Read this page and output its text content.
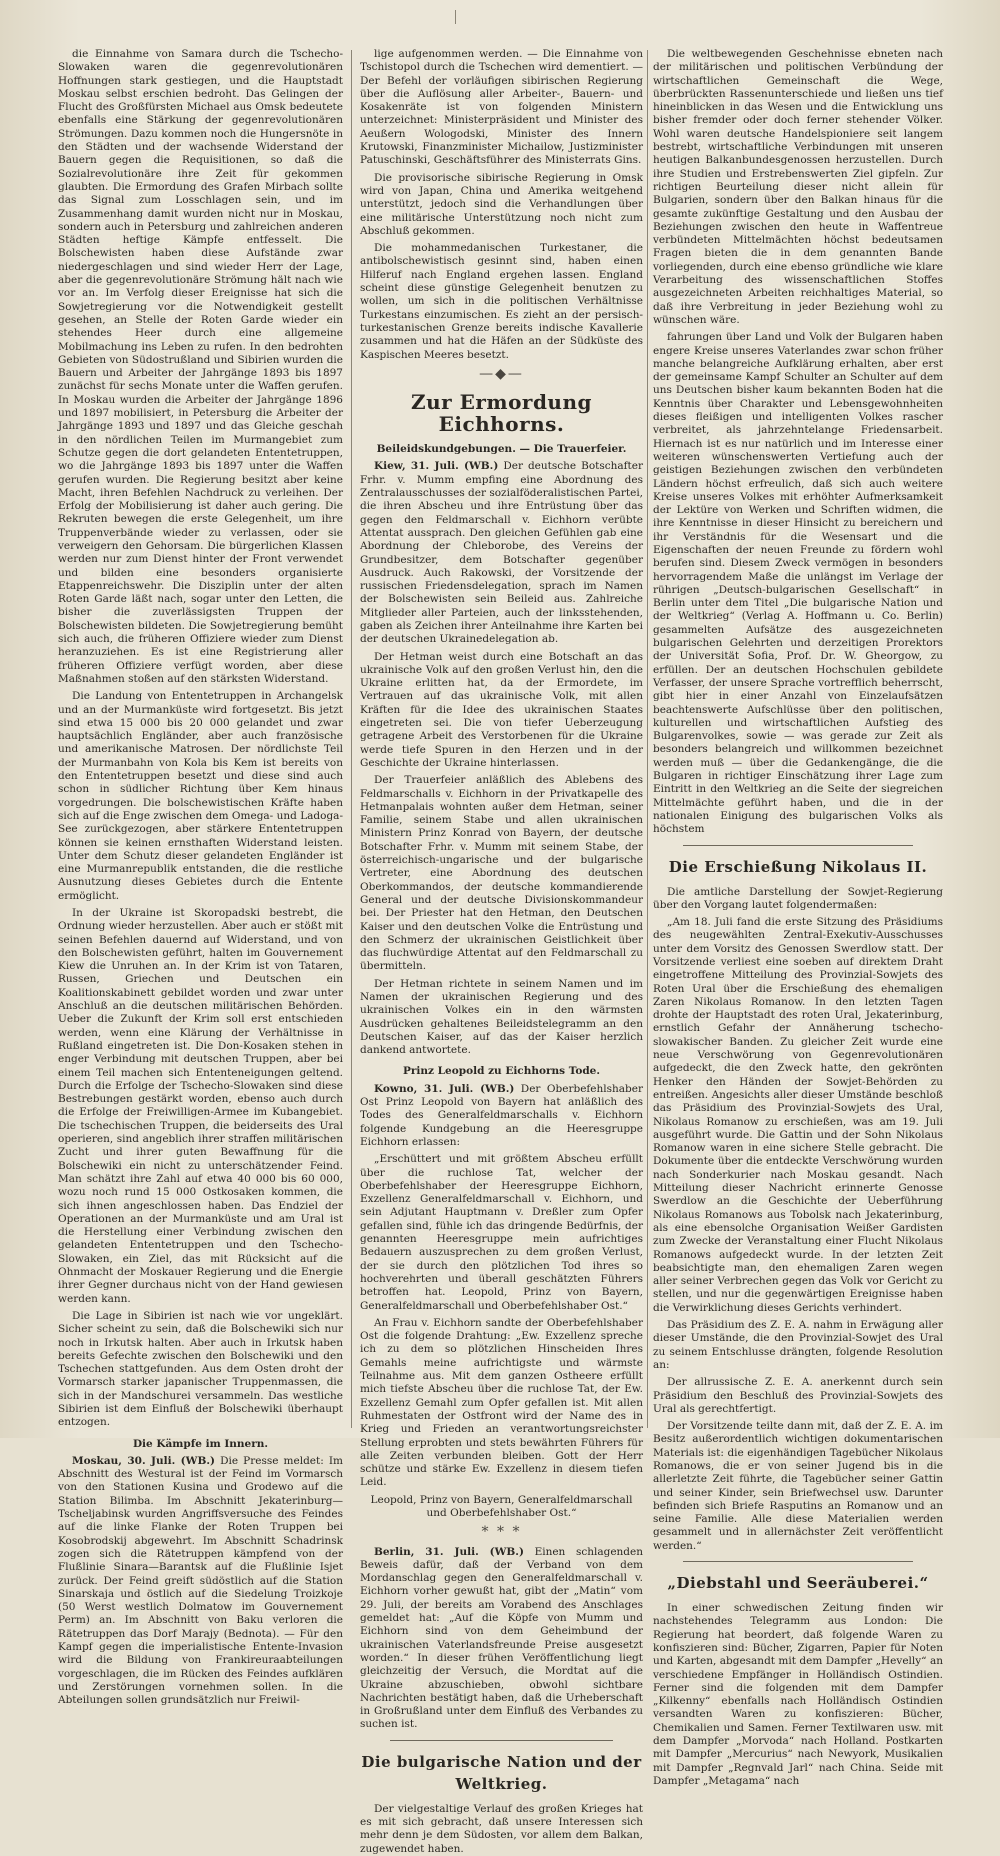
die Einnahme von Samara durch die Tschecho-Slowaken waren die gegenrevolutionären Hoffnungen stark gestiegen, und die Hauptstadt Moskau selbst erschien bedroht. Das Gelingen der Flucht des Großfürsten Michael aus Omsk bedeutete ebenfalls eine Stärkung der gegenrevolutionären Strömungen. Dazu kommen noch die Hungersnöte in den Städten und der wachsende Widerstand der Bauern gegen die Requisitionen, so daß die Sozialrevolutionäre ihre Zeit für gekommen glaubten. Die Ermordung des Grafen Mirbach sollte das Signal zum Losschlagen sein, und im Zusammenhang damit wurden nicht nur in Moskau, sondern auch in Petersburg und zahlreichen anderen Städten heftige Kämpfe entfesselt. Die Bolschewisten haben diese Aufstände zwar niedergeschlagen und sind wieder Herr der Lage, aber die gegenrevolutionäre Strömung hält nach wie vor an. Im Verfolg dieser Ereignisse hat sich die Sowjetregierung vor die Notwendigkeit gestellt gesehen, an Stelle der Roten Garde wieder ein stehendes Heer durch eine allgemeine Mobilmachung ins Leben zu rufen. In den bedrohten Gebieten von Südostrußland und Sibirien wurden die Bauern und Arbeiter der Jahrgänge 1893 bis 1897 zunächst für sechs Monate unter die Waffen gerufen. In Moskau wurden die Arbeiter der Jahrgänge 1896 und 1897 mobilisiert, in Petersburg die Arbeiter der Jahrgänge 1893 und 1897 und das Gleiche geschah in den nördlichen Teilen im Murmangebiet zum Schutze gegen die dort gelandeten Ententetruppen, wo die Jahrgänge 1893 bis 1897 unter die Waffen gerufen wurden. Die Regierung besitzt aber keine Macht, ihren Befehlen Nachdruck zu verleihen. Der Erfolg der Mobilisierung ist daher auch gering. Die Rekruten bewegen die erste Gelegenheit, um ihre Truppenverbände wieder zu verlassen, oder sie verweigern den Gehorsam. Die bürgerlichen Klassen werden nur zum Dienst hinter der Front verwendet und bilden eine besonders organisierte Etappenreichswehr. Die Disziplin unter der alten Roten Garde läßt nach, sogar unter den Letten, die bisher die zuverlässigsten Truppen der Bolschewisten bildeten. Die Sowjetregierung bemüht sich auch, die früheren Offiziere wieder zum Dienst heranzuziehen. Es ist eine Registrierung aller früheren Offiziere verfügt worden, aber diese Maßnahmen stoßen auf den stärksten Widerstand.

Die Landung von Ententetruppen in Archangelsk und an der Murmanküste wird fortgesetzt. Bis jetzt sind etwa 15 000 bis 20 000 gelandet und zwar hauptsächlich Engländer, aber auch französische und amerikanische Matrosen. Der nördlichste Teil der Murmanbahn von Kola bis Kem ist bereits von den Ententetruppen besetzt und diese sind auch schon in südlicher Richtung über Kem hinaus vorgedrungen. Die bolschewistischen Kräfte haben sich auf die Enge zwischen dem Omega- und Ladoga-See zurückgezogen, aber stärkere Ententetruppen können sie keinen ernsthaften Widerstand leisten. Unter dem Schutz dieser gelandeten Engländer ist eine Murmanrepublik entstanden, die die restliche Ausnutzung dieses Gebietes durch die Entente ermöglicht.

In der Ukraine ist Skoropadski bestrebt, die Ordnung wieder herzustellen. Aber auch er stößt mit seinen Befehlen dauernd auf Widerstand, und von den Bolschewisten geführt, halten im Gouvernement Kiew die Unruhen an. In der Krim ist von Tataren, Russen, Griechen und Deutschen ein Koalitionskabinett gebildet worden und zwar unter Anschluß an die deutschen militärischen Behörden. Ueber die Zukunft der Krim soll erst entschieden werden, wenn eine Klärung der Verhältnisse in Rußland eingetreten ist. Die Don-Kosaken stehen in enger Verbindung mit deutschen Truppen, aber bei einem Teil machen sich Ententeneigungen geltend. Durch die Erfolge der Tschecho-Slowaken sind diese Bestrebungen gestärkt worden, ebenso auch durch die Erfolge der Freiwilligen-Armee im Kubangebiet. Die tschechischen Truppen, die beiderseits des Ural operieren, sind angeblich ihrer straffen militärischen Zucht und ihrer guten Bewaffnung für die Bolschewiki ein nicht zu unterschätzender Feind. Man schätzt ihre Zahl auf etwa 40 000 bis 60 000, wozu noch rund 15 000 Ostkosaken kommen, die sich ihnen angeschlossen haben. Das Endziel der Operationen an der Murmanküste und am Ural ist die Herstellung einer Verbindung zwischen den gelandeten Ententetruppen und den Tschecho-Slowaken, ein Ziel, das mit Rücksicht auf die Ohnmacht der Moskauer Regierung und die Energie ihrer Gegner durchaus nicht von der Hand gewiesen werden kann.

Die Lage in Sibirien ist nach wie vor ungeklärt. Sicher scheint zu sein, daß die Bolschewiki sich nur noch in Irkutsk halten. Aber auch in Irkutsk haben bereits Gefechte zwischen den Bolschewiki und den Tschechen stattgefunden. Aus dem Osten droht der Vormarsch starker japanischer Truppenmassen, die sich in der Mandschurei versammeln. Das westliche Sibirien ist dem Einfluß der Bolschewiki überhaupt entzogen.

Die Kämpfe im Innern.

Moskau, 30. Juli. (WB.) Die Presse meldet: Im Abschnitt des Westural ist der Feind im Vormarsch von den Stationen Kusina und Grodewo auf die Station Bilimba. Im Abschnitt Jekaterinburg—Tscheljabinsk wurden Angriffsversuche des Feindes auf die linke Flanke der Roten Truppen bei Kosobrodskij abgewehrt. Im Abschnitt Schadrinsk zogen sich die Rätetruppen kämpfend von der Flußlinie Sinara—Barantsk auf die Flußlinie Isjet zurück. Der Feind greift südöstlich auf die Station Sinarskaja und östlich auf die Siedelung Troizkoje (50 Werst westlich Dolmatow im Gouvernement Perm) an. Im Abschnitt von Baku verloren die Rätetruppen das Dorf Marajy (Bednota). — Für den Kampf gegen die imperialistische Entente-Invasion wird die Bildung von Frankireuraabteilungen vorgeschlagen, die im Rücken des Feindes aufklären und Zerstörungen vornehmen sollen. In die Abteilungen sollen grundsätzlich nur Freiwil-

lige aufgenommen werden. — Die Einnahme von Tschistopol durch die Tschechen wird dementiert. — Der Befehl der vorläufigen sibirischen Regierung über die Auflösung aller Arbeiter-, Bauern- und Kosakenräte ist von folgenden Ministern unterzeichnet: Ministerpräsident und Minister des Aeußern Wologodski, Minister des Innern Krutowski, Finanzminister Michailow, Justizminister Patuschinski, Geschäftsführer des Ministerrats Gins.

Die provisorische sibirische Regierung in Omsk wird von Japan, China und Amerika weitgehend unterstützt, jedoch sind die Verhandlungen über eine militärische Unterstützung noch nicht zum Abschluß gekommen.

Die mohammedanischen Turkestaner, die antibolschewistisch gesinnt sind, haben einen Hilferuf nach England ergehen lassen. England scheint diese günstige Gelegenheit benutzen zu wollen, um sich in die politischen Verhältnisse Turkestans einzumischen. Es zieht an der persisch-turkestanischen Grenze bereits indische Kavallerie zusammen und hat die Häfen an der Südküste des Kaspischen Meeres besetzt.

—◆—
Zur Ermordung Eichhorns.
Beileidskundgebungen. — Die Trauerfeier.

Kiew, 31. Juli. (WB.) Der deutsche Botschafter Frhr. v. Mumm empfing eine Abordnung des Zentralausschusses der sozialföderalistischen Partei, die ihren Abscheu und ihre Entrüstung über das gegen den Feldmarschall v. Eichhorn verübte Attentat aussprach. Den gleichen Gefühlen gab eine Abordnung der Chleborobe, des Vereins der Grundbesitzer, dem Botschafter gegenüber Ausdruck. Auch Rakowski, der Vorsitzende der russischen Friedensdelegation, sprach im Namen der Bolschewisten sein Beileid aus. Zahlreiche Mitglieder aller Parteien, auch der linksstehenden, gaben als Zeichen ihrer Anteilnahme ihre Karten bei der deutschen Ukrainedelegation ab.

Der Hetman weist durch eine Botschaft an das ukrainische Volk auf den großen Verlust hin, den die Ukraine erlitten hat, da der Ermordete, im Vertrauen auf das ukrainische Volk, mit allen Kräften für die Idee des ukrainischen Staates eingetreten sei. Die von tiefer Ueberzeugung getragene Arbeit des Verstorbenen für die Ukraine werde tiefe Spuren in den Herzen und in der Geschichte der Ukraine hinterlassen.

Der Trauerfeier anläßlich des Ablebens des Feldmarschalls v. Eichhorn in der Privatkapelle des Hetmanpalais wohnten außer dem Hetman, seiner Familie, seinem Stabe und allen ukrainischen Ministern Prinz Konrad von Bayern, der deutsche Botschafter Frhr. v. Mumm mit seinem Stabe, der österreichisch-ungarische und der bulgarische Vertreter, eine Abordnung des deutschen Oberkommandos, der deutsche kommandierende General und der deutsche Divisionskommandeur bei. Der Priester hat den Hetman, den Deutschen Kaiser und den deutschen Volke die Entrüstung und den Schmerz der ukrainischen Geistlichkeit über das fluchwürdige Attentat auf den Feldmarschall zu übermitteln.

Der Hetman richtete in seinem Namen und im Namen der ukrainischen Regierung und des ukrainischen Volkes ein in den wärmsten Ausdrücken gehaltenes Beileidstelegramm an den Deutschen Kaiser, auf das der Kaiser herzlich dankend antwortete.

Prinz Leopold zu Eichhorns Tode.

Kowno, 31. Juli. (WB.) Der Oberbefehlshaber Ost Prinz Leopold von Bayern hat anläßlich des Todes des Generalfeldmarschalls v. Eichhorn folgende Kundgebung an die Heeresgruppe Eichhorn erlassen:

„Erschüttert und mit größtem Abscheu erfüllt über die ruchlose Tat, welcher der Oberbefehlshaber der Heeresgruppe Eichhorn, Exzellenz Generalfeldmarschall v. Eichhorn, und sein Adjutant Hauptmann v. Dreßler zum Opfer gefallen sind, fühle ich das dringende Bedürfnis, der genannten Heeresgruppe mein aufrichtiges Bedauern auszusprechen zu dem großen Verlust, der sie durch den plötzlichen Tod ihres so hochverehrten und überall geschätzten Führers betroffen hat. Leopold, Prinz von Bayern, Generalfeldmarschall und Oberbefehlshaber Ost.“

An Frau v. Eichhorn sandte der Oberbefehlshaber Ost die folgende Drahtung: „Ew. Exzellenz spreche ich zu dem so plötzlichen Hinscheiden Ihres Gemahls meine aufrichtigste und wärmste Teilnahme aus. Mit dem ganzen Ostheere erfüllt mich tiefste Abscheu über die ruchlose Tat, der Ew. Exzellenz Gemahl zum Opfer gefallen ist. Mit allen Ruhmestaten der Ostfront wird der Name des in Krieg und Frieden an verantwortungsreichster Stellung erprobten und stets bewährten Führers für alle Zeiten verbunden bleiben. Gott der Herr schütze und stärke Ew. Exzellenz in diesem tiefen Leid.

Leopold, Prinz von Bayern, Generalfeldmarschall und Oberbefehlshaber Ost.“
* * *

Berlin, 31. Juli. (WB.) Einen schlagenden Beweis dafür, daß der Verband von dem Mordanschlag gegen den Generalfeldmarschall v. Eichhorn vorher gewußt hat, gibt der „Matin“ vom 29. Juli, der bereits am Vorabend des Anschlages gemeldet hat: „Auf die Köpfe von Mumm und Eichhorn sind von dem Geheimbund der ukrainischen Vaterlandsfreunde Preise ausgesetzt worden.“ In dieser frühen Veröffentlichung liegt gleichzeitig der Versuch, die Mordtat auf die Ukraine abzuschieben, obwohl sichtbare Nachrichten bestätigt haben, daß die Urheberschaft in Großrußland unter dem Einfluß des Verbandes zu suchen ist.

Die bulgarische Nation und der Weltkrieg.

Der vielgestaltige Verlauf des großen Krieges hat es mit sich gebracht, daß unsere Interessen sich mehr denn je dem Südosten, vor allem dem Balkan, zugewendet haben.

Die weltbewegenden Geschehnisse ebneten nach der militärischen und politischen Verbündung der wirtschaftlichen Gemeinschaft die Wege, überbrückten Rassenunterschiede und ließen uns tief hineinblicken in das Wesen und die Entwicklung uns bisher fremder oder doch ferner stehender Völker. Wohl waren deutsche Handelspioniere seit langem bestrebt, wirtschaftliche Verbindungen mit unseren heutigen Balkanbundesgenossen herzustellen. Durch ihre Studien und Erstrebenswerten Ziel gipfeln. Zur richtigen Beurteilung dieser nicht allein für Bulgarien, sondern über den Balkan hinaus für die gesamte zukünftige Gestaltung und den Ausbau der Beziehungen zwischen den heute in Waffentreue verbündeten Mittelmächten höchst bedeutsamen Fragen bieten die in dem genannten Bande vorliegenden, durch eine ebenso gründliche wie klare Verarbeitung des wissenschaftlichen Stoffes ausgezeichneten Arbeiten reichhaltiges Material, so daß ihre Verbreitung in jeder Beziehung wohl zu wünschen wäre.

fahrungen über Land und Volk der Bulgaren haben engere Kreise unseres Vaterlandes zwar schon früher manche belangreiche Aufklärung erhalten, aber erst der gemeinsame Kampf Schulter an Schulter auf dem uns Deutschen bisher kaum bekannten Boden hat die Kenntnis über Charakter und Lebensgewohnheiten dieses fleißigen und intelligenten Volkes rascher verbreitet, als jahrzehntelange Friedensarbeit. Hiernach ist es nur natürlich und im Interesse einer weiteren wünschenswerten Vertiefung auch der geistigen Beziehungen zwischen den verbündeten Ländern höchst erfreulich, daß sich auch weitere Kreise unseres Volkes mit erhöhter Aufmerksamkeit der Lektüre von Werken und Schriften widmen, die ihre Kenntnisse in dieser Hinsicht zu bereichern und ihr Verständnis für die Wesensart und die Eigenschaften der neuen Freunde zu fördern wohl berufen sind. Diesem Zweck vermögen in besonders hervorragendem Maße die unlängst im Verlage der rührigen „Deutsch-bulgarischen Gesellschaft“ in Berlin unter dem Titel „Die bulgarische Nation und der Weltkrieg“ (Verlag A. Hoffmann u. Co. Berlin) gesammelten Aufsätze des ausgezeichneten bulgarischen Gelehrten und derzeitigen Prorektors der Universität Sofia, Prof. Dr. W. Gheorgow, zu erfüllen. Der an deutschen Hochschulen gebildete Verfasser, der unsere Sprache vortrefflich beherrscht, gibt hier in einer Anzahl von Einzelaufsätzen beachtenswerte Aufschlüsse über den politischen, kulturellen und wirtschaftlichen Aufstieg des Bulgarenvolkes, sowie — was gerade zur Zeit als besonders belangreich und willkommen bezeichnet werden muß — über die Gedankengänge, die die Bulgaren in richtiger Einschätzung ihrer Lage zum Eintritt in den Weltkrieg an die Seite der siegreichen Mittelmächte geführt haben, und die in der nationalen Einigung des bulgarischen Volks als höchstem

Die Erschießung Nikolaus II.

Die amtliche Darstellung der Sowjet-Regierung über den Vorgang lautet folgendermaßen:

„Am 18. Juli fand die erste Sitzung des Präsidiums des neugewählten Zentral-Exekutiv-Ausschusses unter dem Vorsitz des Genossen Swerdlow statt. Der Vorsitzende verliest eine soeben auf direktem Draht eingetroffene Mitteilung des Provinzial-Sowjets des Roten Ural über die Erschießung des ehemaligen Zaren Nikolaus Romanow. In den letzten Tagen drohte der Hauptstadt des roten Ural, Jekaterinburg, ernstlich Gefahr der Annäherung tschecho-slowakischer Banden. Zu gleicher Zeit wurde eine neue Verschwörung von Gegenrevolutionären aufgedeckt, die den Zweck hatte, den gekrönten Henker den Händen der Sowjet-Behörden zu entreißen. Angesichts aller dieser Umstände beschloß das Präsidium des Provinzial-Sowjets des Ural, Nikolaus Romanow zu erschießen, was am 19. Juli ausgeführt wurde. Die Gattin und der Sohn Nikolaus Romanow waren in eine sichere Stelle gebracht. Die Dokumente über die entdeckte Verschwörung wurden nach Sonderkurier nach Moskau gesandt. Nach Mitteilung dieser Nachricht erinnerte Genosse Swerdlow an die Geschichte der Ueberführung Nikolaus Romanows aus Tobolsk nach Jekaterinburg, als eine ebensolche Organisation Weißer Gardisten zum Zwecke der Veranstaltung einer Flucht Nikolaus Romanows aufgedeckt wurde. In der letzten Zeit beabsichtigte man, den ehemaligen Zaren wegen aller seiner Verbrechen gegen das Volk vor Gericht zu stellen, und nur die gegenwärtigen Ereignisse haben die Verwirklichung dieses Gerichts verhindert.

Das Präsidium des Z. E. A. nahm in Erwägung aller dieser Umstände, die den Provinzial-Sowjet des Ural zu seinem Entschlusse drängten, folgende Resolution an:

Der allrussische Z. E. A. anerkennt durch sein Präsidium den Beschluß des Provinzial-Sowjets des Ural als gerechtfertigt.

Der Vorsitzende teilte dann mit, daß der Z. E. A. im Besitz außerordentlich wichtigen dokumentarischen Materials ist: die eigenhändigen Tagebücher Nikolaus Romanows, die er von seiner Jugend bis in die allerletzte Zeit führte, die Tagebücher seiner Gattin und seiner Kinder, sein Briefwechsel usw. Darunter befinden sich Briefe Rasputins an Romanow und an seine Familie. Alle diese Materialien werden gesammelt und in allernächster Zeit veröffentlicht werden.“

„Diebstahl und Seeräuberei.“

In einer schwedischen Zeitung finden wir nachstehendes Telegramm aus London: Die Regierung hat beordert, daß folgende Waren zu konfiszieren sind: Bücher, Zigarren, Papier für Noten und Karten, abgesandt mit dem Dampfer „Hevelly“ an verschiedene Empfänger in Holländisch Ostindien. Ferner sind die folgenden mit dem Dampfer „Kilkenny“ ebenfalls nach Holländisch Ostindien versandten Waren zu konfiszieren: Bücher, Chemikalien und Samen. Ferner Textilwaren usw. mit dem Dampfer „Morvoda“ nach Holland. Postkarten mit Dampfer „Mercurius“ nach Newyork, Musikalien mit Dampfer „Regnvald Jarl“ nach China. Seide mit Dampfer „Metagama“ nach
